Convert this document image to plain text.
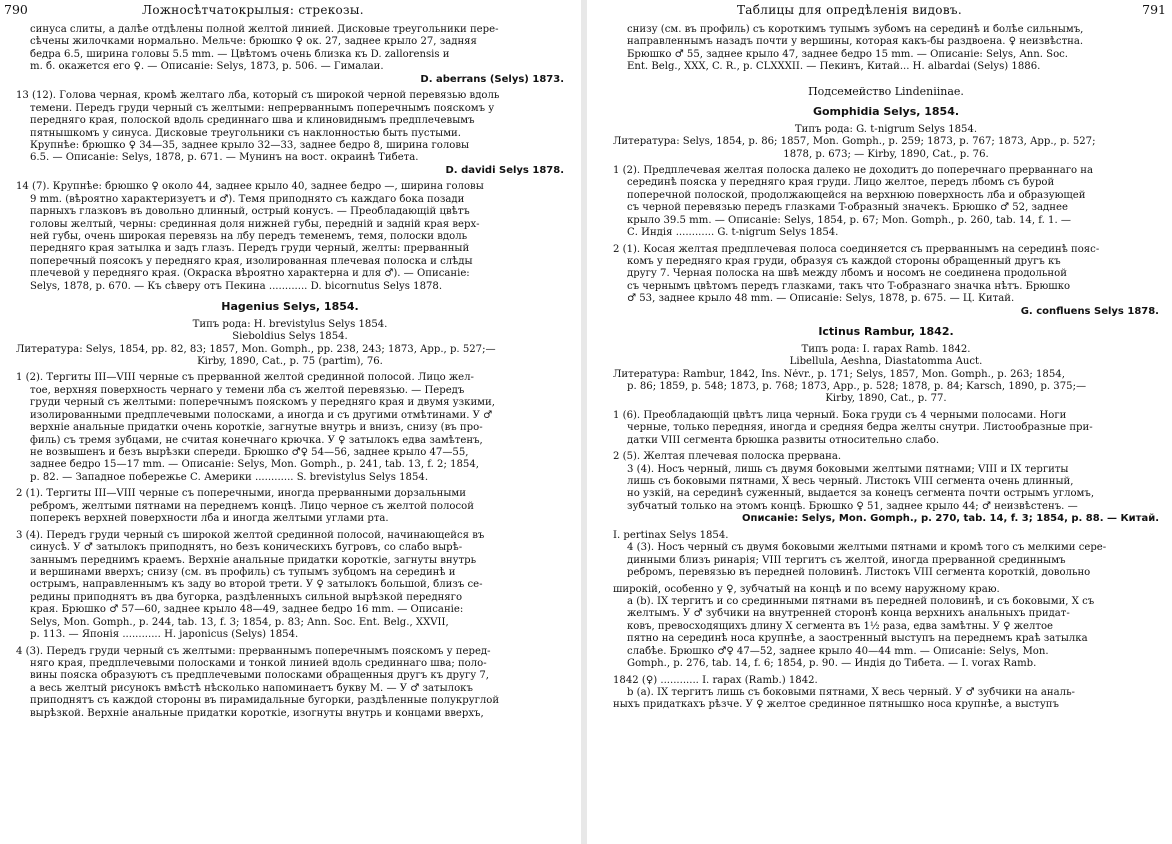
790	Ложносѣтчатокрылыя: стрекозы.
синуса слиты, а далѣе отдѣлены полной желтой линией. Дисковые треугольники пере-
сѣчены жилочками нормально. Мельче: брюшко ♀ ок. 27, заднее крыло 27, задняя
бедра 6.5, ширина головы 5.5 mm. — Цвѣтомъ очень близка къ D. zallorensis и
m. б. окажется его ♀. — Описаніе: Selys, 1873, p. 506. — Гималаи.
D. aberrans (Selys) 1873.
13 (12). Голова черная, кромѣ желтаго лба, который съ широкой черной перевязью вдоль
темени. Передъ груди черный съ желтыми: непрерваннымъ поперечнымъ пояскомъ у
передняго края, полоской вдоль срединнаго шва и клиновиднымъ предплечевымъ
пятнышкомъ у синуса. Дисковые треугольники съ наклонностью быть пустыми.
Крупнѣе: брюшко ♀ 34—35, заднее крыло 32—33, заднее бедро 8, ширина головы
6.5. — Описаніе: Selys, 1878, p. 671. — Мунинъ на вост. окраинѣ Тибета.
D. davidi Selys 1878.
14 (7). Крупнѣе: брюшко ♀ около 44, заднее крыло 40, заднее бедро —, ширина головы
9 mm. (вѣроятно характеризуетъ и ♂). Темя приподнято съ каждаго бока позади
парныхъ глазковъ въ довольно длинный, острый конусъ. — Преобладающій цвѣтъ
головы желтый, черны: срединная доля нижней губы, передній и задній края верх-
ней губы, очень широкая перевязь на лбу передъ теменемъ, темя, полоски вдоль
передняго края затылка и задъ глазъ. Передъ груди черный, желты: прерванный
поперечный поясокъ у передняго края, изолированная плечевая полоска и слѣды
плечевой у передняго края. (Окраска вѣроятно характерна и для ♂). — Описаніе:
Selys, 1878, p. 670. — Къ сѣверу отъ Пекина ............ D. bicornutus Selys 1878.
Hagenius Selys, 1854.
Типъ рода: H. brevistylus Selys 1854.
Sieboldius Selys 1854.
Литература: Selys, 1854, pp. 82, 83; 1857, Mon. Gomph., pp. 238, 243; 1873, App., p. 527;—
Kirby, 1890, Cat., p. 75 (partim), 76.
1 (2). Тергиты III—VIII черные съ прерванной желтой срединной полосой. Лицо жел-
тое, верхняя поверхность чернаго у темени лба съ желтой перевязью. — Передъ
груди черный съ желтыми: поперечнымъ пояскомъ у передняго края и двумя узкими,
изолированными предплечевыми полосками, а иногда и съ другими отмѣтинами. У ♂
верхніе анальные придатки очень короткіе, загнутые внутрь и внизъ, снизу (въ про-
филь) съ тремя зубцами, не считая конечнаго крючка. У ♀ затылокъ едва замѣтенъ,
не возвышенъ и безъ вырѣзки спереди. Брюшко ♂♀ 54—56, заднее крыло 47—55,
заднее бедро 15—17 mm. — Описаніе: Selys, Mon. Gomph., p. 241, tab. 13, f. 2; 1854,
p. 82. — Западное побережье С. Америки ............ S. brevistylus Selys 1854.
2 (1). Тергиты III—VIII черные съ поперечными, иногда прерванными дорзальными
ребромъ, желтыми пятнами на переднемъ концѣ. Лицо черное съ желтой полосой
поперекъ верхней поверхности лба и иногда желтыми углами рта.
3 (4). Передъ груди черный съ широкой желтой срединной полосой, начинающейся въ
синусѣ. У ♂ затылокъ приподнятъ, но безъ коническихъ бугровъ, со слабо вырѣ-
заннымъ переднимъ краемъ. Верхніе анальные придатки короткіе, загнуты внутрь
и вершинами вверхъ; снизу (см. въ профиль) съ тупымъ зубцомъ на серединѣ и
острымъ, направленнымъ къ заду во второй трети. У ♀ затылокъ большой, близъ се-
редины приподнятъ въ два бугорка, раздѣленныхъ сильной вырѣзкой передняго
края. Брюшко ♂ 57—60, заднее крыло 48—49, заднее бедро 16 mm. — Описаніе:
Selys, Mon. Gomph., p. 244, tab. 13, f. 3; 1854, p. 83; Ann. Soc. Ent. Belg., XXVII,
p. 113. — Японія ............ H. japonicus (Selys) 1854.
4 (3). Передъ груди черный съ желтыми: прерваннымъ поперечнымъ пояскомъ у перед-
няго края, предплечевыми полосками и тонкой линией вдоль срединнаго шва; поло-
вины пояска образуютъ съ предплечевыми полосками обращенныя другъ къ другу 7,
а весь желтый рисунокъ вмѣстѣ нѣсколько напоминаетъ букву М. — У ♂ затылокъ
приподнятъ съ каждой стороны въ пирамидальные бугорки, раздѣленные полукруглой
вырѣзкой. Верхніе анальные придатки короткіе, изогнуты внутрь и концами вверхъ,
Таблицы для опредѣленія видовъ.	791
снизу (см. въ профиль) съ короткимъ тупымъ зубомъ на серединѣ и болѣе сильнымъ,
направленнымъ назадъ почти у вершины, которая какъ-бы раздвоена. ♀ неизвѣстна.
Брюшко ♂ 55, заднее крыло 47, заднее бедро 15 mm. — Описаніе: Selys, Ann. Soc.
Ent. Belg., XXX, C. R., p. CLXXXII. — Пекинъ, Китай... H. albardai (Selys) 1886.
Подсемейство Lindeniinae.
Gomphidia Selys, 1854.
Типъ рода: G. t-nigrum Selys 1854.
Литература: Selys, 1854, p. 86; 1857, Mon. Gomph., p. 259; 1873, p. 767; 1873, App., p. 527;
1878, p. 673; — Kirby, 1890, Cat., p. 76.
1 (2). Предплечевая желтая полоска далеко не доходитъ до поперечнаго прерваннаго на
серединѣ пояска у передняго края груди. Лицо желтое, передъ лбомъ съ бурой
поперечной полоской, продолжающейся на верхнюю поверхность лба и образующей
съ черной перевязью передъ глазками T-образный значекъ. Брюшко ♂ 52, заднее
крыло 39.5 mm. — Описаніе: Selys, 1854, p. 67; Mon. Gomph., p. 260, tab. 14, f. 1. —
С. Индія ............ G. t-nigrum Selys 1854.
2 (1). Косая желтая предплечевая полоса соединяется съ прерваннымъ на серединѣ пояс-
комъ у передняго края груди, образуя съ каждой стороны обращенный другъ къ
другу 7. Черная полоска на швѣ между лбомъ и носомъ не соединена продольной
съ чернымъ цвѣтомъ передъ глазками, такъ что T-образнаго значка нѣтъ. Брюшко
♂ 53, заднее крыло 48 mm. — Описаніе: Selys, 1878, p. 675. — Ц. Китай.
G. confluens Selys 1878.
Ictinus Rambur, 1842.
Типъ рода: I. rapax Ramb. 1842.
Libellula, Aeshna, Diastatomma Auct.
Литература: Rambur, 1842, Ins. Névr., p. 171; Selys, 1857, Mon. Gomph., p. 263; 1854,
p. 86; 1859, p. 548; 1873, p. 768; 1873, App., p. 528; 1878, p. 84; Karsch, 1890, p. 375;—
Kirby, 1890, Cat., p. 77.
1 (6). Преобладающій цвѣтъ лица черный. Бока груди съ 4 черными полосами. Ноги
черные, только передняя, иногда и средняя бедра желты снутри. Листообразные при-
датки VIII сегмента брюшка развиты относительно слабо.
2 (5). Желтая плечевая полоска прервана.
3 (4). Носъ черный, лишь съ двумя боковыми желтыми пятнами; VIII и IX тергиты
лишь съ боковыми пятнами, X весь черный. Листокъ VIII сегмента очень длинный,
но узкій, на серединѣ суженный, выдается за конецъ сегмента почти острымъ угломъ,
зубчатый только на этомъ концѣ. Брюшко ♀ 51, заднее крыло 44; ♂ неизвѣстенъ. —
Описаніе: Selys, Mon. Gomph., p. 270, tab. 14, f. 3; 1854, p. 88. — Китай.
I. pertinax Selys 1854.
4 (3). Носъ черный съ двумя боковыми желтыми пятнами и кромѣ того съ мелкими сере-
динными близъ ринарія; VIII тергитъ съ желтой, иногда прерванной срединнымъ
ребромъ, перевязью въ передней половинѣ. Листокъ VIII сегмента короткій, довольно
широкій, особенно у ♀, зубчатый на концѣ и по всему наружному краю.
a (b). IX тергитъ и со срединными пятнами въ передней половинѣ, и съ боковыми, X съ
желтымъ. У ♂ зубчики на внутренней сторонѣ конца верхнихъ анальныхъ придат-
ковъ, превосходящихъ длину X сегмента въ 1½ раза, едва замѣтны. У ♀ желтое
пятно на серединѣ носа крупнѣе, а заостренный выступъ на переднемъ краѣ затылка
слабѣе. Брюшко ♂♀ 47—52, заднее крыло 40—44 mm. — Описаніе: Selys, Mon.
Gomph., p. 276, tab. 14, f. 6; 1854, p. 90. — Индія до Тибета. — I. vorax Ramb.
1842 (♀) ............ I. rapax (Ramb.) 1842.
b (a). IX тергитъ лишь съ боковыми пятнами, X весь черный. У ♂ зубчики на аналь-
ныхъ придаткахъ рѣзче. У ♀ желтое срединное пятнышко носа крупнѣе, а выступъ
